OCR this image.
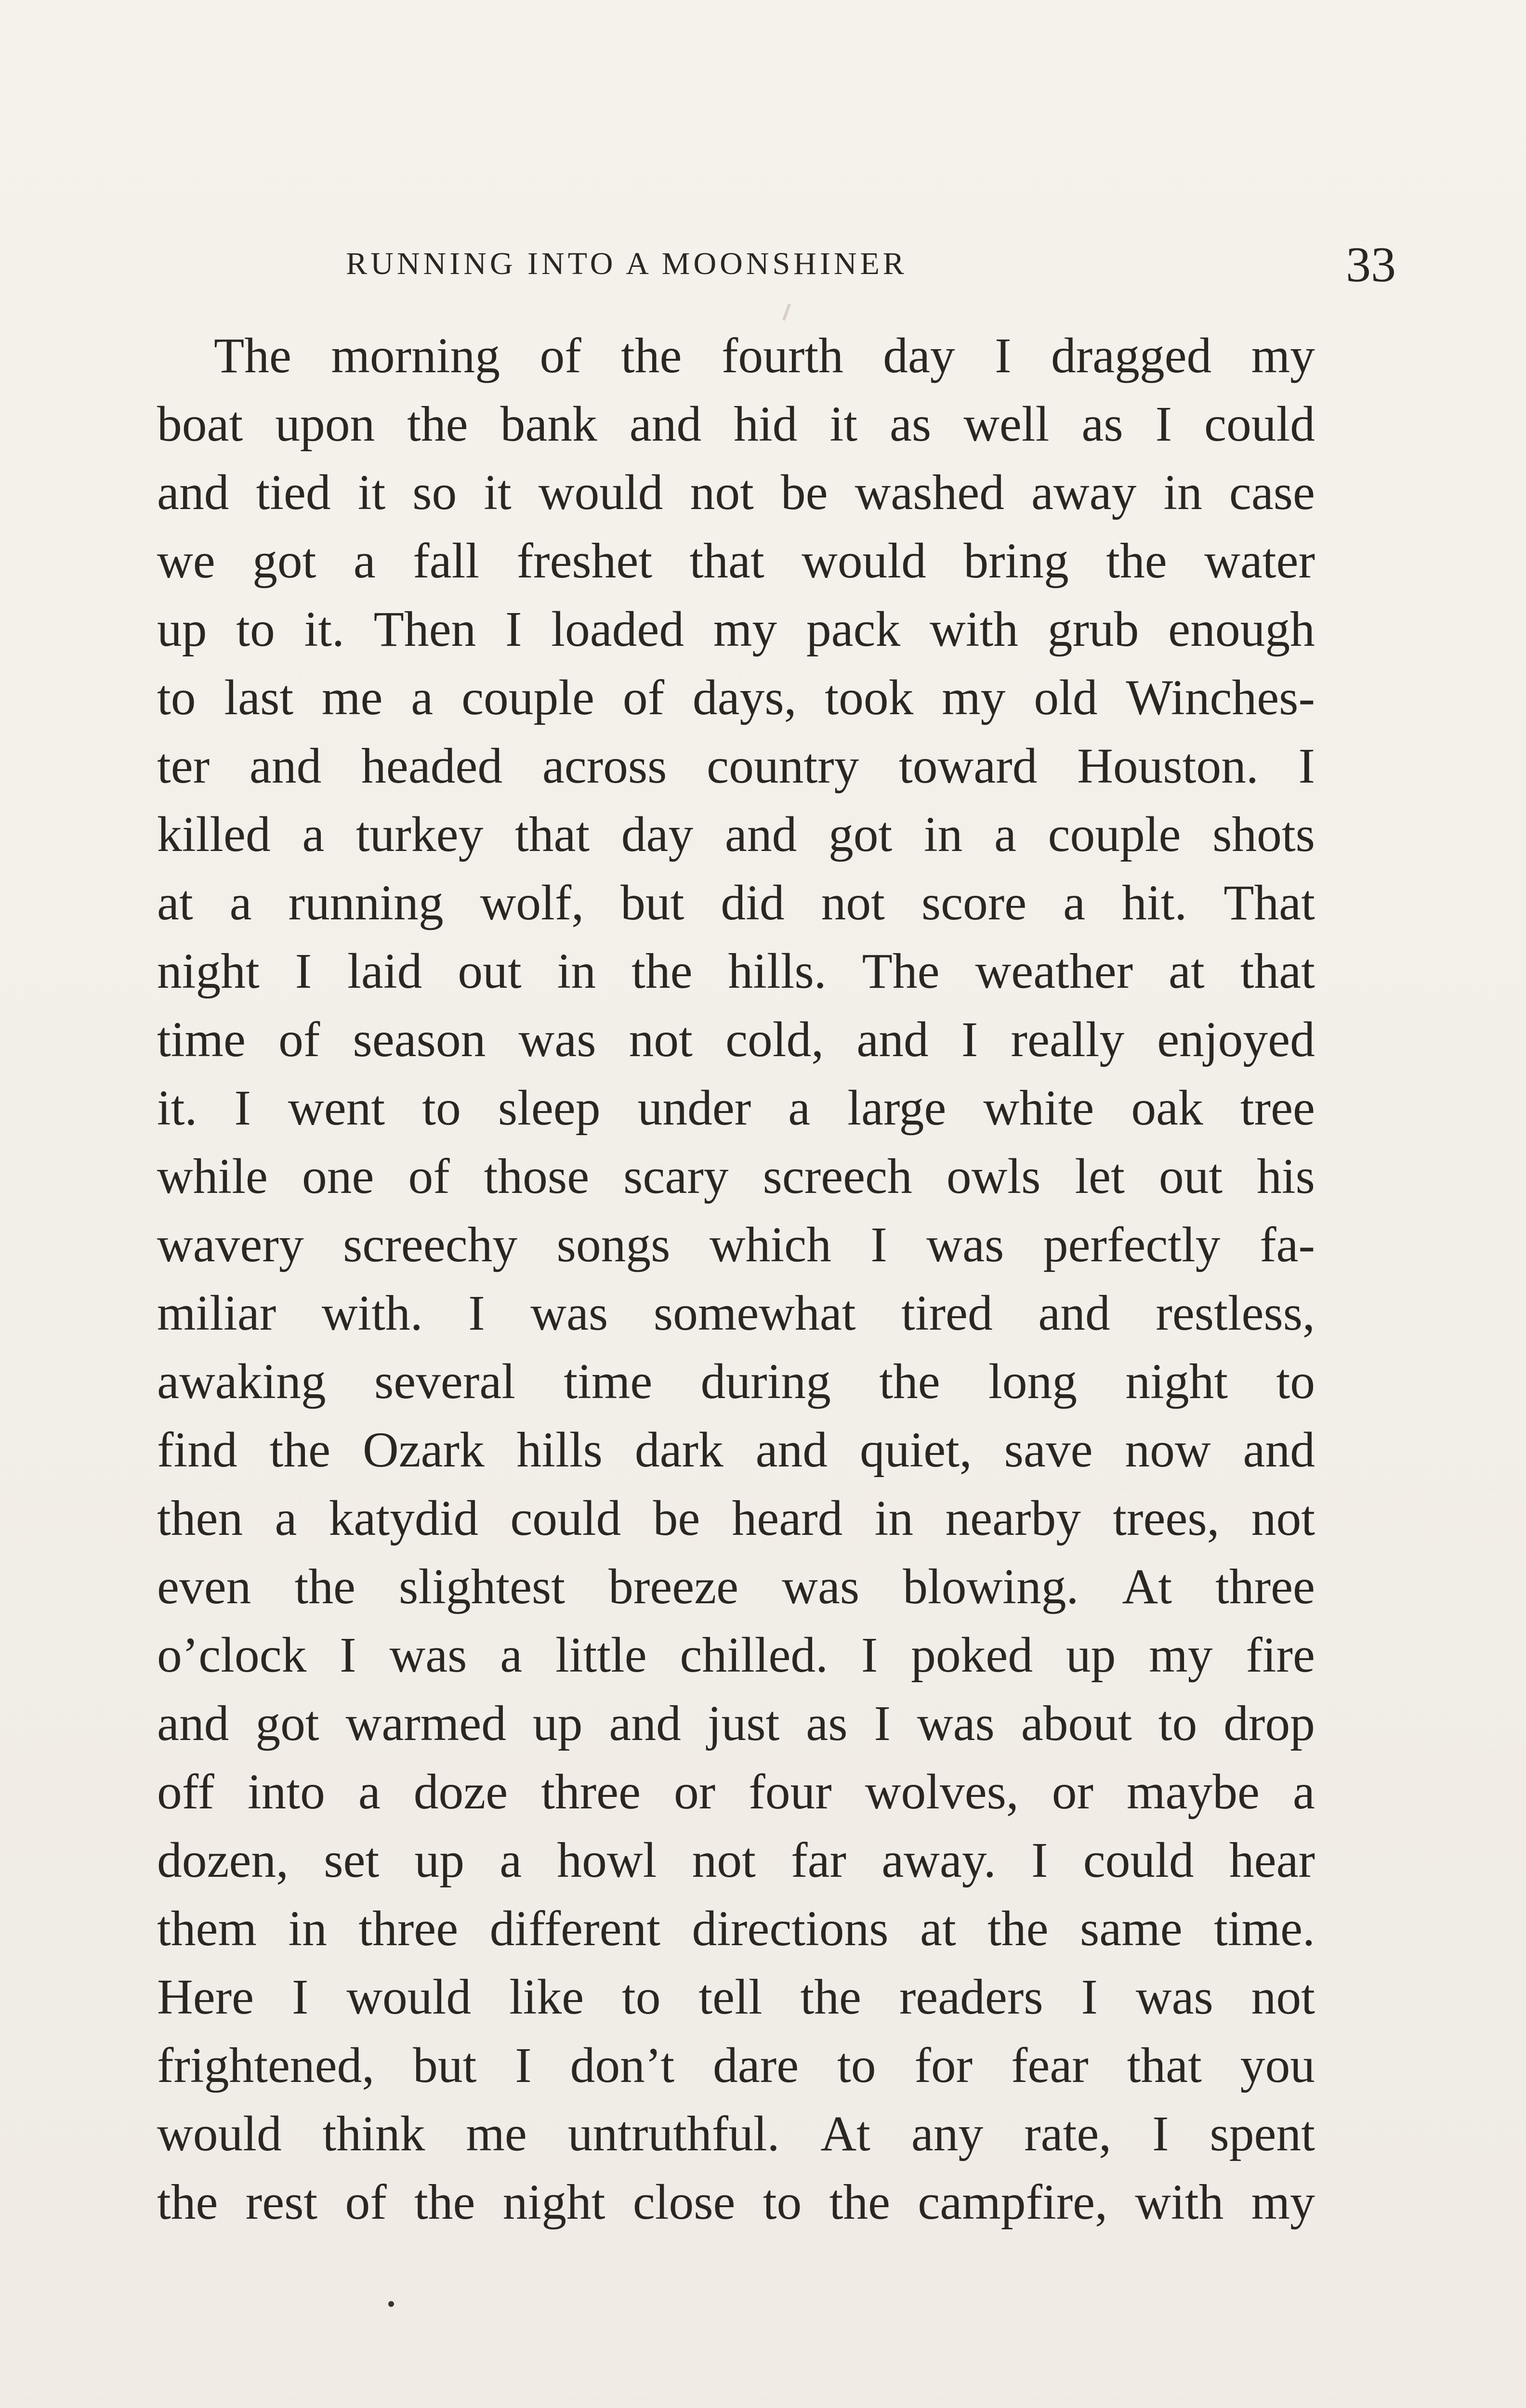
RUNNING INTO A MOONSHINER	33
The morning of the fourth day I dragged my
boat upon the bank and hid it as well as I could
and tied it so it would not be washed away in case
we got a fall freshet that would bring the water
up to it. Then I loaded my pack with grub enough
to last me a couple of days, took my old Winches-
ter and headed across country toward Houston. I
killed a turkey that day and got in a couple shots
at a running wolf, but did not score a hit. That
night I laid out in the hills. The weather at that
time of season was not cold, and I really enjoyed
it. I went to sleep under a large white oak tree
while one of those scary screech owls let out his
wavery screechy songs which I was perfectly fa-
miliar with. I was somewhat tired and restless,
awaking several time during the long night to
find the Ozark hills dark and quiet, save now and
then a katydid could be heard in nearby trees, not
even the slightest breeze was blowing. At three
o’clock I was a little chilled. I poked up my fire
and got warmed up and just as I was about to drop
off into a doze three or four wolves, or maybe a
dozen, set up a howl not far away. I could hear
them in three different directions at the same time.
Here I would like to tell the readers I was not
frightened, but I don’t dare to for fear that you
would think me untruthful. At any rate, I spent
the rest of the night close to the campfire, with my
